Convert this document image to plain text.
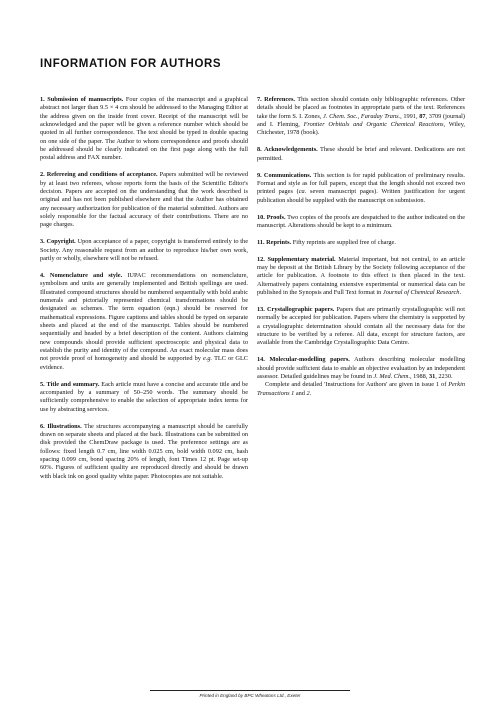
INFORMATION FOR AUTHORS

1. Submission of manuscripts. Four copies of the manuscript and a graphical abstract not larger than 9.5 × 4 cm should be addressed to the Managing Editor at the address given on the inside front cover. Receipt of the manuscript will be acknowledged and the paper will be given a reference number which should be quoted in all further correspondence. The text should be typed in double spacing on one side of the paper. The Author to whom correspondence and proofs should be addressed should be clearly indicated on the first page along with the full postal address and FAX number.

2. Refereeing and conditions of acceptance. Papers submitted will be reviewed by at least two referees, whose reports form the basis of the Scientific Editor's decision. Papers are accepted on the understanding that the work described is original and has not been published elsewhere and that the Author has obtained any necessary authorization for publication of the material submitted. Authors are solely responsible for the factual accuracy of their contributions. There are no page charges.

3. Copyright. Upon acceptance of a paper, copyright is transferred entirely to the Society. Any reasonable request from an author to reproduce his/her own work, partly or wholly, elsewhere will not be refused.

4. Nomenclature and style. IUPAC recommendations on nomenclature, symbolism and units are generally implemented and British spellings are used. Illustrated compound structures should be numbered sequentially with bold arabic numerals and pictorially represented chemical transformations should be designated as schemes. The term equation (eqn.) should be reserved for mathematical expressions. Figure captions and tables should be typed on separate sheets and placed at the end of the manuscript. Tables should be numbered sequentially and headed by a brief description of the content. Authors claiming new compounds should provide sufficient spectroscopic and physical data to establish the purity and identity of the compound. An exact molecular mass does not provide proof of homogeneity and should be supported by e.g. TLC or GLC evidence.

5. Title and summary. Each article must have a concise and accurate title and be accompanied by a summary of 50–250 words. The summary should be sufficiently comprehensive to enable the selection of appropriate index terms for use by abstracting services.

6. Illustrations. The structures accompanying a manuscript should be carefully drawn on separate sheets and placed at the back. Illustrations can be submitted on disk provided the ChemDraw package is used. The preference settings are as follows: fixed length 0.7 cm, line width 0.025 cm, bold width 0.092 cm, hash spacing 0.099 cm, bond spacing 20% of length, font Times 12 pt. Page set-up 60%. Figures of sufficient quality are reproduced directly and should be drawn with black ink on good quality white paper. Photocopies are not suitable.

7. References. This section should contain only bibliographic references. Other details should be placed as footnotes in appropriate parts of the text. References take the form S. I. Zones, J. Chem. Soc., Faraday Trans., 1991, 87, 3709 (journal) and I. Fleming, Frontier Orbitals and Organic Chemical Reactions, Wiley, Chichester, 1978 (book).

8. Acknowledgements. These should be brief and relevant. Dedications are not permitted.

9. Communications. This section is for rapid publication of preliminary results. Format and style as for full papers, except that the length should not exceed two printed pages (ca. seven manuscript pages). Written justification for urgent publication should be supplied with the manuscript on submission.

10. Proofs. Two copies of the proofs are despatched to the author indicated on the manuscript. Alterations should be kept to a minimum.

11. Reprints. Fifty reprints are supplied free of charge.

12. Supplementary material. Material important, but not central, to an article may be deposit at the British Library by the Society following acceptance of the article for publication. A footnote to this effect is then placed in the text. Alternatively papers containing extensive experimental or numerical data can be published in the Synopsis and Full Text format in Journal of Chemical Research.

13. Crystallographic papers. Papers that are primarily crystallographic will not normally be accepted for publication. Papers where the chemistry is supported by a crystallographic determination should contain all the necessary data for the structure to be verified by a referee. All data, except for structure factors, are available from the Cambridge Crystallographic Data Centre.

14. Molecular-modelling papers. Authors describing molecular modelling should provide sufficient data to enable an objective evaluation by an independent assessor. Detailed guidelines may be found in J. Med. Chem., 1988, 31, 2230.

Complete and detailed 'Instructions for Authors' are given in issue 1 of Perkin Transactions 1 and 2.

Printed in England by BPC Wheatons Ltd., Exeter
